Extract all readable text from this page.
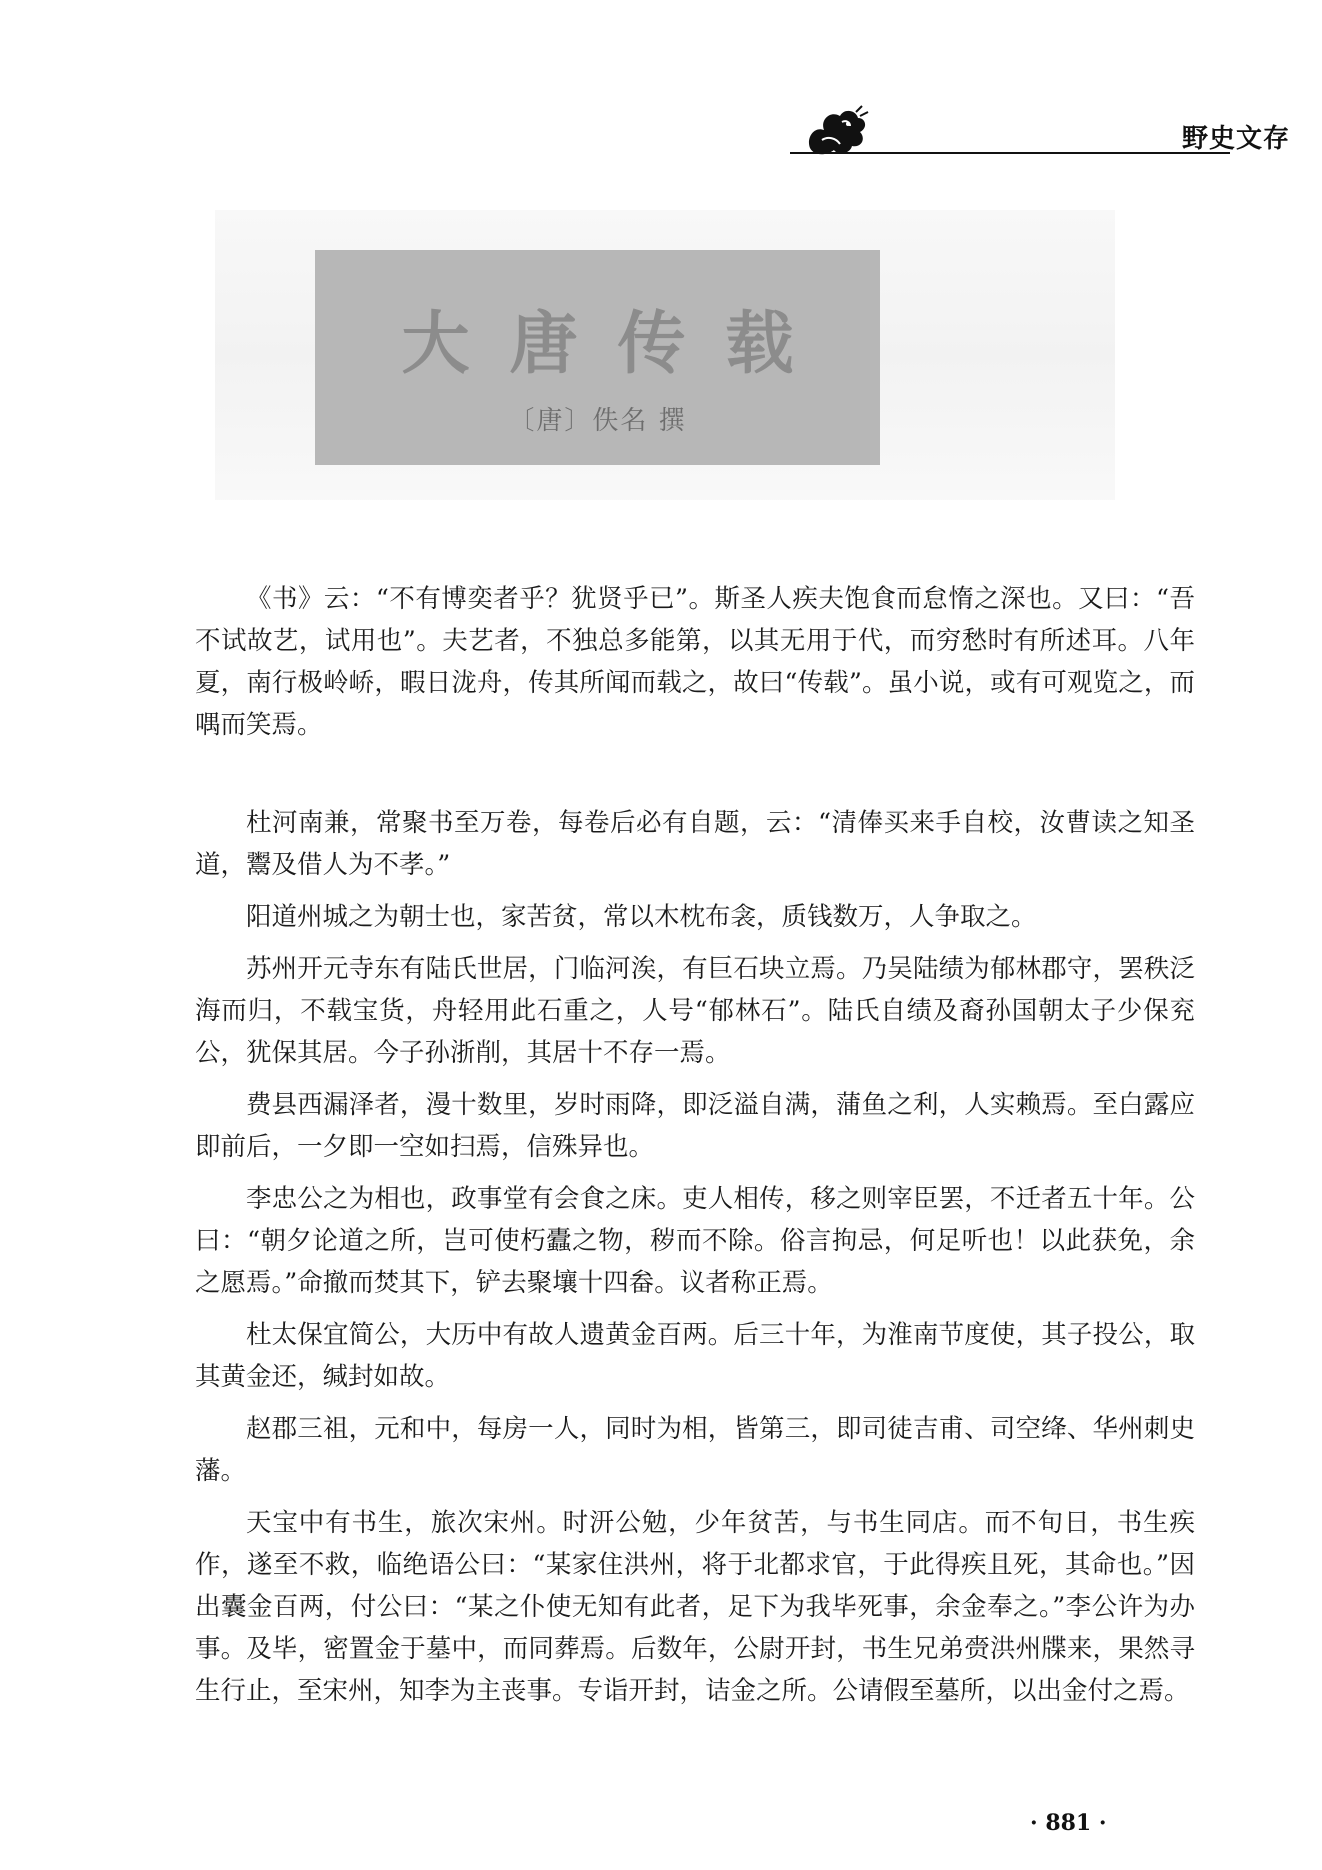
野史文存
大唐传载
〔唐〕佚名 撰

《书》云：“不有博奕者乎？犹贤乎已”。斯圣人疾夫饱食而怠惰之深也。又曰：“吾不试故艺，试用也”。夫艺者，不独总多能第，以其无用于代，而穷愁时有所述耳。八年夏，南行极岭峤，暇日泷舟，传其所闻而载之，故曰“传载”。虽小说，或有可观览之，而喁而笑焉。

杜河南兼，常聚书至万卷，每卷后必有自题，云：“清俸买来手自校，汝曹读之知圣道，鬻及借人为不孝。”

阳道州城之为朝士也，家苦贫，常以木枕布衾，质钱数万，人争取之。

苏州开元寺东有陆氏世居，门临河涘，有巨石块立焉。乃吴陆绩为郁林郡守，罢秩泛海而归，不载宝货，舟轻用此石重之，人号“郁林石”。陆氏自绩及裔孙国朝太子少保兖公，犹保其居。今子孙浙削，其居十不存一焉。

费县西漏泽者，漫十数里，岁时雨降，即泛溢自满，蒲鱼之利，人实赖焉。至白露应即前后，一夕即一空如扫焉，信殊异也。

李忠公之为相也，政事堂有会食之床。吏人相传，移之则宰臣罢，不迁者五十年。公曰：“朝夕论道之所，岂可使朽蠹之物，秽而不除。俗言拘忌，何足听也！以此获免，余之愿焉。”命撤而焚其下，铲去聚壤十四畚。议者称正焉。

杜太保宜简公，大历中有故人遗黄金百两。后三十年，为淮南节度使，其子投公，取其黄金还，缄封如故。

赵郡三祖，元和中，每房一人，同时为相，皆第三，即司徒吉甫、司空绛、华州刺史藩。

天宝中有书生，旅次宋州。时汧公勉，少年贫苦，与书生同店。而不旬日，书生疾作，遂至不救，临绝语公曰：“某家住洪州，将于北都求官，于此得疾且死，其命也。”因出囊金百两，付公曰：“某之仆使无知有此者，足下为我毕死事，余金奉之。”李公许为办事。及毕，密置金于墓中，而同葬焉。后数年，公尉开封，书生兄弟赍洪州牒来，果然寻生行止，至宋州，知李为主丧事。专诣开封，诘金之所。公请假至墓所，以出金付之焉。

· 881 ·
